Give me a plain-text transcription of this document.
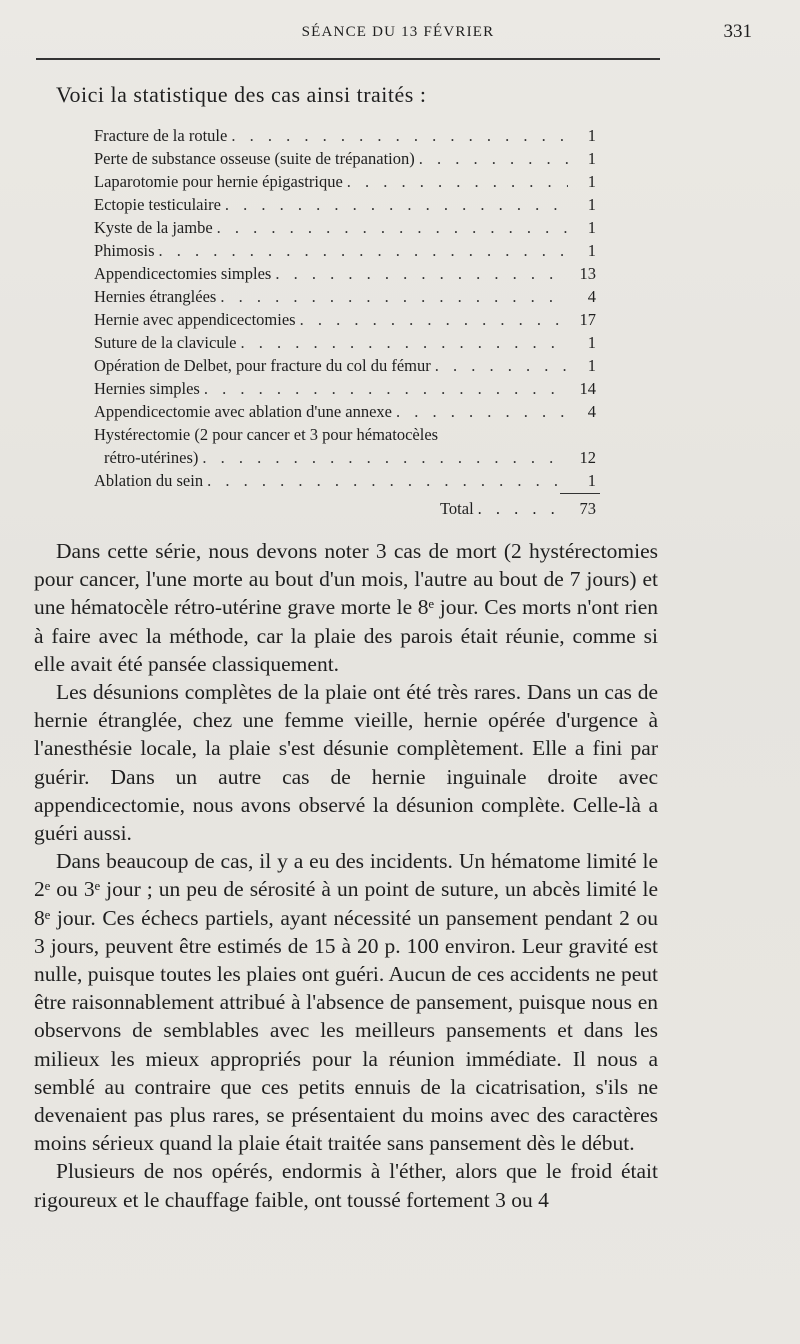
SÉANCE DU 13 FÉVRIER	331
Voici la statistique des cas ainsi traités :
Fracture de la rotule . . .	1
Perte de substance osseuse (suite de trépanation) . . .	1
Laparotomie pour hernie épigastrique . . .	1
Ectopie testiculaire . . .	1
Kyste de la jambe . . .	1
Phimosis . . .	1
Appendicectomies simples . . .	13
Hernies étranglées . . .	4
Hernie avec appendicectomies . . .	17
Suture de la clavicule . . .	1
Opération de Delbet, pour fracture du col du fémur . . .	1
Hernies simples . . .	14
Appendicectomie avec ablation d'une annexe . . .	4
Hystérectomie (2 pour cancer et 3 pour hématocèles
rétro-utérines) . . .	12
Ablation du sein . . .	1
Total . . .	73

Dans cette série, nous devons noter 3 cas de mort (2 hystérectomies pour cancer, l'une morte au bout d'un mois, l'autre au bout de 7 jours) et une hématocèle rétro-utérine grave morte le 8ᵉ jour. Ces morts n'ont rien à faire avec la méthode, car la plaie des parois était réunie, comme si elle avait été pansée classiquement.

Les désunions complètes de la plaie ont été très rares. Dans un cas de hernie étranglée, chez une femme vieille, hernie opérée d'urgence à l'anesthésie locale, la plaie s'est désunie complètement. Elle a fini par guérir. Dans un autre cas de hernie inguinale droite avec appendicectomie, nous avons observé la désunion complète. Celle-là a guéri aussi.

Dans beaucoup de cas, il y a eu des incidents. Un hématome limité le 2ᵉ ou 3ᵉ jour ; un peu de sérosité à un point de suture, un abcès limité le 8ᵉ jour. Ces échecs partiels, ayant nécessité un pansement pendant 2 ou 3 jours, peuvent être estimés de 15 à 20 p. 100 environ. Leur gravité est nulle, puisque toutes les plaies ont guéri. Aucun de ces accidents ne peut être raisonnablement attribué à l'absence de pansement, puisque nous en observons de semblables avec les meilleurs pansements et dans les milieux les mieux appropriés pour la réunion immédiate. Il nous a semblé au contraire que ces petits ennuis de la cicatrisation, s'ils ne devenaient pas plus rares, se présentaient du moins avec des caractères moins sérieux quand la plaie était traitée sans pansement dès le début.

Plusieurs de nos opérés, endormis à l'éther, alors que le froid était rigoureux et le chauffage faible, ont toussé fortement 3 ou 4
